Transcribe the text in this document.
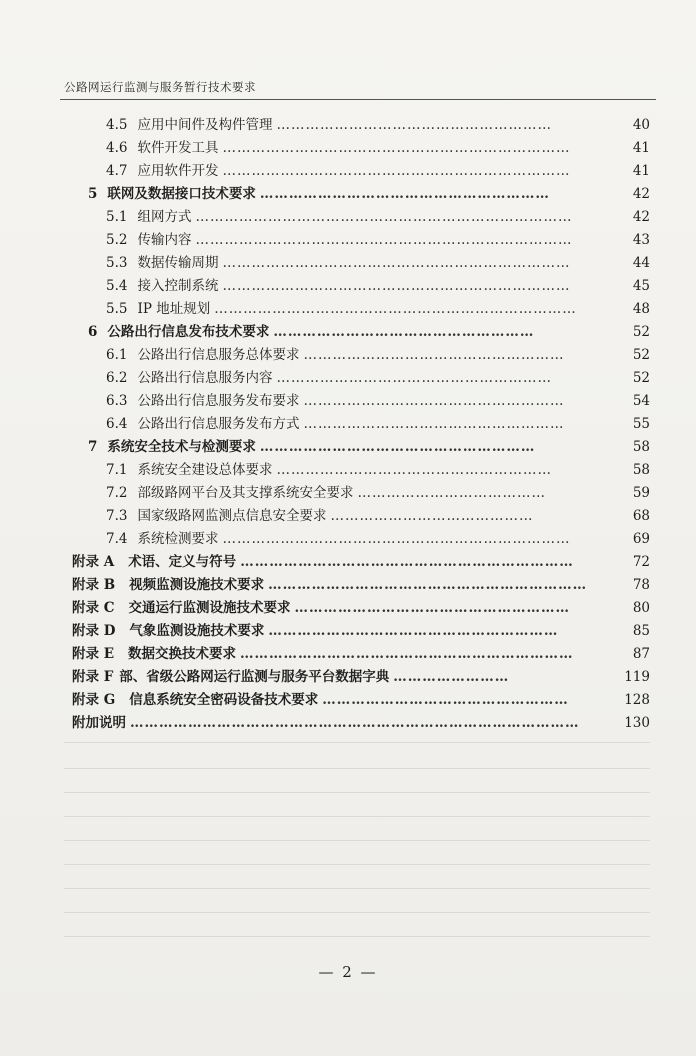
公路网运行监测与服务暂行技术要求
4.5 应用中间件及构件管理 …………………………………………………	40
4.6 软件开发工具 ………………………………………………………………	41
4.7 应用软件开发 ………………………………………………………………	41
5 联网及数据接口技术要求 ……………………………………………………	42
5.1 组网方式 ……………………………………………………………………	42
5.2 传输内容 ……………………………………………………………………	43
5.3 数据传输周期 ………………………………………………………………	44
5.4 接入控制系统 ………………………………………………………………	45
5.5 IP 地址规划 …………………………………………………………………	48
6 公路出行信息发布技术要求 ………………………………………………	52
6.1 公路出行信息服务总体要求 ………………………………………………	52
6.2 公路出行信息服务内容 …………………………………………………	52
6.3 公路出行信息服务发布要求 ………………………………………………	54
6.4 公路出行信息服务发布方式 ………………………………………………	55
7 系统安全技术与检测要求 …………………………………………………	58
7.1 系统安全建设总体要求 …………………………………………………	58
7.2 部级路网平台及其支撑系统安全要求 …………………………………	59
7.3 国家级路网监测点信息安全要求 ……………………………………	68
7.4 系统检测要求 ………………………………………………………………	69
附录 A 术语、定义与符号 ……………………………………………………………	72
附录 B 视频监测设施技术要求 …………………………………………………………	78
附录 C 交通运行监测设施技术要求 …………………………………………………	80
附录 D 气象监测设施技术要求 ……………………………………………………	85
附录 E 数据交换技术要求 ……………………………………………………………	87
附录 F 部、省级公路网运行监测与服务平台数据字典 ……………………	119
附录 G 信息系统安全密码设备技术要求 ……………………………………………	128
附加说明 …………………………………………………………………………………	130
— 2 —
